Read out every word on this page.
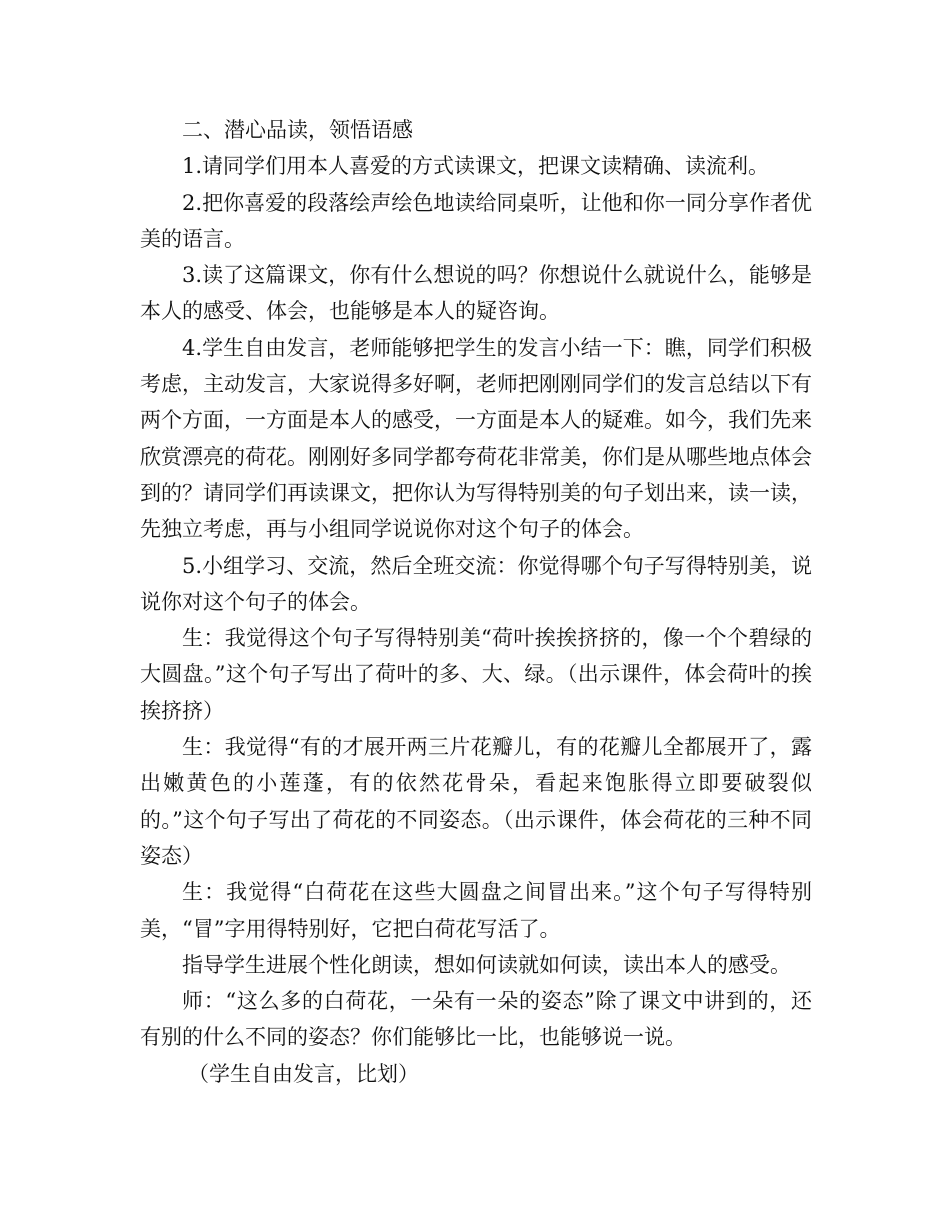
二、潜心品读，领悟语感

1.请同学们用本人喜爱的方式读课文，把课文读精确、读流利。

2.把你喜爱的段落绘声绘色地读给同桌听，让他和你一同分享作者优美的语言。

3.读了这篇课文，你有什么想说的吗？你想说什么就说什么，能够是本人的感受、体会，也能够是本人的疑咨询。

4.学生自由发言，老师能够把学生的发言小结一下：瞧，同学们积极考虑，主动发言，大家说得多好啊，老师把刚刚同学们的发言总结以下有两个方面，一方面是本人的感受，一方面是本人的疑难。如今，我们先来欣赏漂亮的荷花。刚刚好多同学都夸荷花非常美，你们是从哪些地点体会到的？请同学们再读课文，把你认为写得特别美的句子划出来，读一读，先独立考虑，再与小组同学说说你对这个句子的体会。

5.小组学习、交流，然后全班交流：你觉得哪个句子写得特别美，说说你对这个句子的体会。

生：我觉得这个句子写得特别美“荷叶挨挨挤挤的，像一个个碧绿的大圆盘。”这个句子写出了荷叶的多、大、绿。（出示课件，体会荷叶的挨挨挤挤）

生：我觉得“有的才展开两三片花瓣儿，有的花瓣儿全都展开了，露出嫩黄色的小莲蓬，有的依然花骨朵，看起来饱胀得立即要破裂似的。”这个句子写出了荷花的不同姿态。（出示课件，体会荷花的三种不同姿态）

生：我觉得“白荷花在这些大圆盘之间冒出来。”这个句子写得特别美，“冒”字用得特别好，它把白荷花写活了。

指导学生进展个性化朗读，想如何读就如何读，读出本人的感受。

师：“这么多的白荷花，一朵有一朵的姿态”除了课文中讲到的，还有别的什么不同的姿态？你们能够比一比，也能够说一说。

（学生自由发言，比划）
